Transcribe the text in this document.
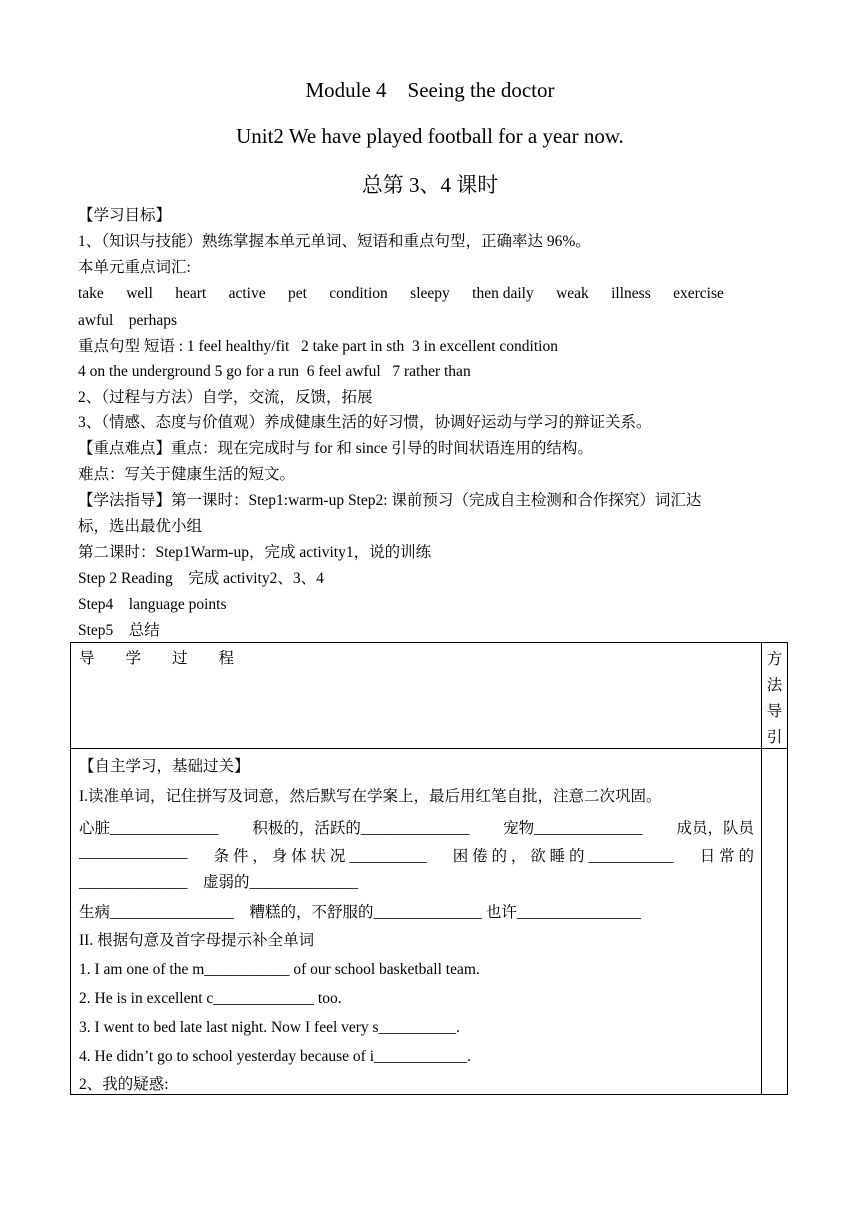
Module 4    Seeing the doctor
Unit2 We have played football for a year now.
总第 3、4 课时
【学习目标】
1、（知识与技能）熟练掌握本单元单词、短语和重点句型，正确率达 96%。
本单元重点词汇:
take well heart active pet condition sleepy then daily weak illness exercise
awful    perhaps
重点句型 短语 : 1 feel healthy/fit   2 take part in sth  3 in excellent condition
4 on the underground 5 go for a run  6 feel awful   7 rather than
2、（过程与方法）自学，交流，反馈，拓展
3、（情感、态度与价值观）养成健康生活的好习惯，协调好运动与学习的辩证关系。
【重点难点】重点：现在完成时与 for 和 since 引导的时间状语连用的结构。
难点：写关于健康生活的短文。
【学法指导】第一课时：Step1:warm-up Step2: 课前预习（完成自主检测和合作探究）词汇达
标，选出最优小组
第二课时：Step1Warm-up，完成 activity1，说的训练
Step 2 Reading    完成 activity2、3、4
Step4    language points
Step5    总结
导        学        过        程	方
法
导
引
【自主学习，基础过关】
I.读准单词，记住拼写及词意，然后默写在学案上，最后用红笔自批，注意二次巩固。
心脏______________ 积极的，活跃的______________ 宠物______________ 成员，队员
______________ 条 件 ， 身 体 状 况 __________ 困 倦 的 ， 欲 睡 的 ___________ 日 常 的
______________    虚弱的______________
生病________________    糟糕的，不舒服的______________ 也许________________
II. 根据句意及首字母提示补全单词
1. I am one of the m___________ of our school basketball team.
2. He is in excellent c_____________ too.
3. I went to bed late last night. Now I feel very s__________.
4. He didn’t go to school yesterday because of i____________.
2、我的疑惑:
